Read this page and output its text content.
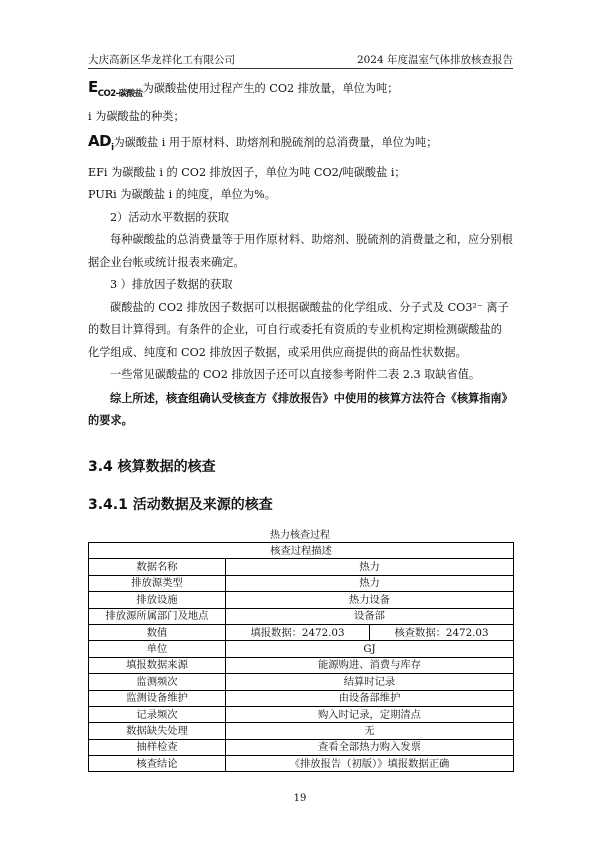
大庆高新区华龙祥化工有限公司	2024 年度温室气体排放核查报告

$E_{CO2-碳酸盐}$为碳酸盐使用过程产生的 CO2 排放量，单位为吨；

i 为碳酸盐的种类；

$AD_i$为碳酸盐 i 用于原材料、助熔剂和脱硫剂的总消费量，单位为吨；

EFi 为碳酸盐 i 的 CO2 排放因子，单位为吨 CO2/吨碳酸盐 i；

PURi 为碳酸盐 i 的纯度，单位为%。

2）活动水平数据的获取

每种碳酸盐的总消费量等于用作原材料、助熔剂、脱硫剂的消费量之和，应分别根据企业台帐或统计报表来确定。

3 ）排放因子数据的获取

碳酸盐的 CO2 排放因子数据可以根据碳酸盐的化学组成、分子式及 CO3²⁻ 离子的数目计算得到。有条件的企业，可自行或委托有资质的专业机构定期检测碳酸盐的化学组成、纯度和 CO2 排放因子数据，或采用供应商提供的商品性状数据。

一些常见碳酸盐的 CO2 排放因子还可以直接参考附件二表 2.3 取缺省值。

综上所述，核查组确认受核查方《排放报告》中使用的核算方法符合《核算指南》的要求。

3.4 核算数据的核查
3.4.1 活动数据及来源的核查
热力核查过程
核查过程描述		
数据名称	热力	
排放源类型	热力	
排放设施	热力设备	
排放源所属部门及地点	设备部	
数值	填报数据：2472.03	核查数据：2472.03
单位	GJ	
填报数据来源	能源购进、消费与库存	
监测频次	结算时记录	
监测设备维护	由设备部维护	
记录频次	购入时记录，定期清点	
数据缺失处理	无	
抽样检查	查看全部热力购入发票	
核查结论	《排放报告（初版）》填报数据正确	
19
